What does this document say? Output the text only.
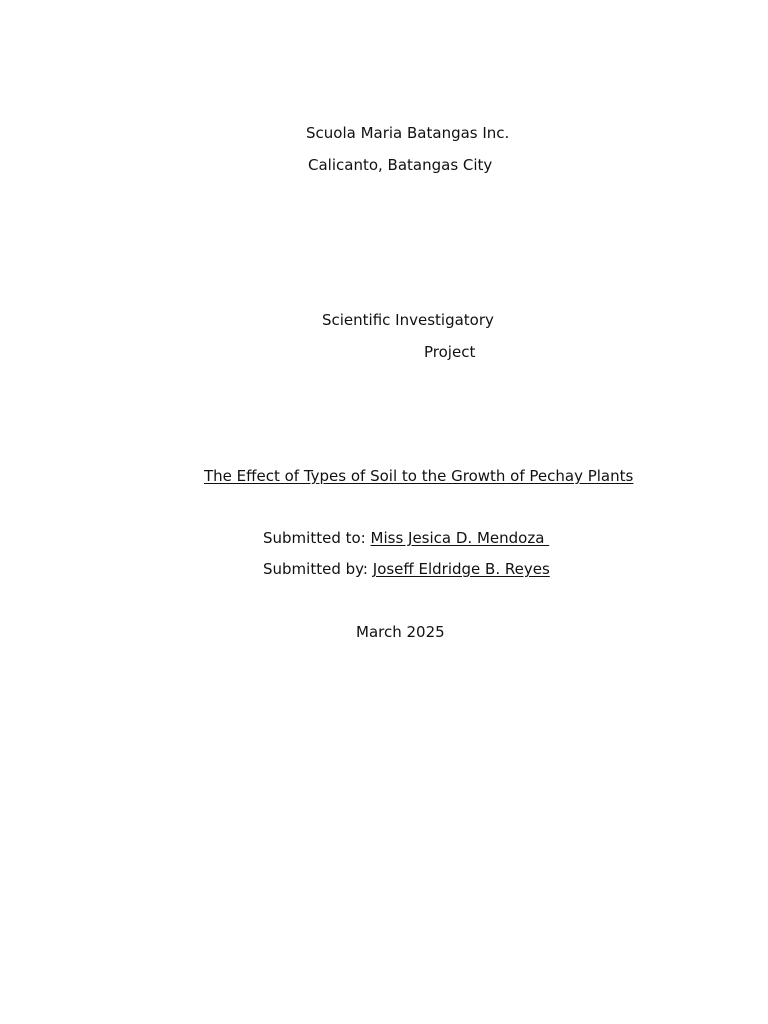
Scuola Maria Batangas Inc.
Calicanto, Batangas City
Scientific Investigatory
Project
The Effect of Types of Soil to the Growth of Pechay Plants
Submitted to: Miss Jesica D. Mendoza
Submitted by: Joseff Eldridge B. Reyes
March 2025
